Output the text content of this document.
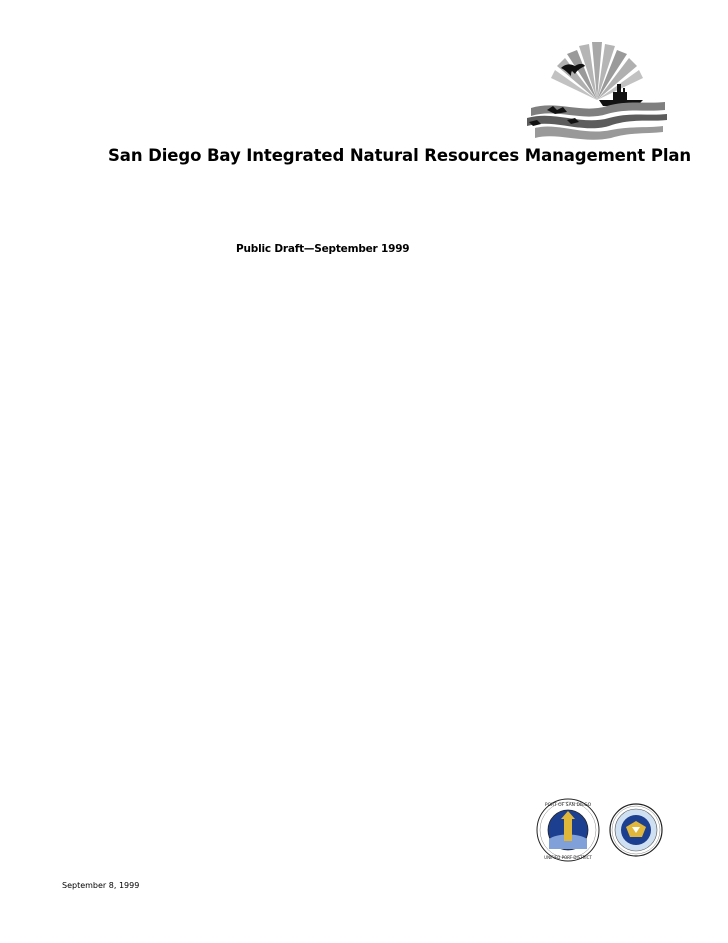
San Diego Bay Integrated Natural Resources Management Plan
Public Draft—September 1999
PORT OF SAN DIEGO
UNIFIED PORT DISTRICT
September 8, 1999
